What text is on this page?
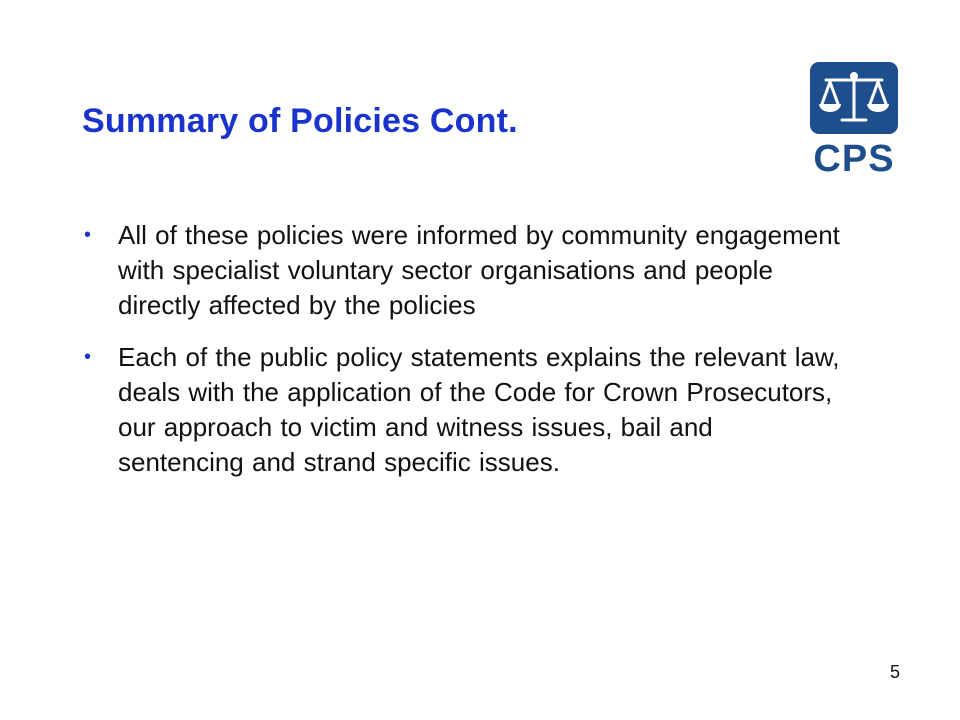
Summary of Policies Cont.
CPS
• All of these policies were informed by community engagement with specialist voluntary sector organisations and people directly affected by the policies
• Each of the public policy statements explains the relevant law, deals with the application of the Code for Crown Prosecutors, our approach to victim and witness issues, bail and sentencing and strand specific issues.
5
